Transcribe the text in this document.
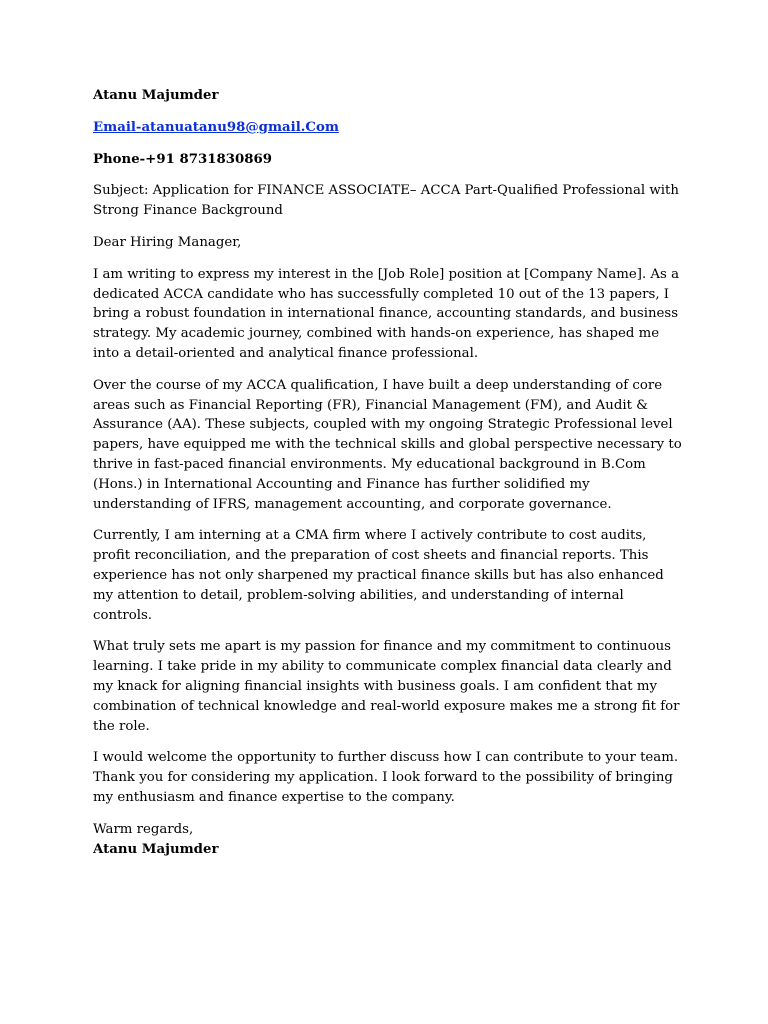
Atanu Majumder
Email-atanuatanu98@gmail.Com
Phone-+91 8731830869

Subject: Application for FINANCE ASSOCIATE– ACCA Part-Qualified Professional with Strong Finance Background

Dear Hiring Manager,

I am writing to express my interest in the [Job Role] position at [Company Name]. As a dedicated ACCA candidate who has successfully completed 10 out of the 13 papers, I bring a robust foundation in international finance, accounting standards, and business strategy. My academic journey, combined with hands-on experience, has shaped me into a detail-oriented and analytical finance professional.

Over the course of my ACCA qualification, I have built a deep understanding of core areas such as Financial Reporting (FR), Financial Management (FM), and Audit & Assurance (AA). These subjects, coupled with my ongoing Strategic Professional level papers, have equipped me with the technical skills and global perspective necessary to thrive in fast-paced financial environments. My educational background in B.Com (Hons.) in International Accounting and Finance has further solidified my understanding of IFRS, management accounting, and corporate governance.

Currently, I am interning at a CMA firm where I actively contribute to cost audits, profit reconciliation, and the preparation of cost sheets and financial reports. This experience has not only sharpened my practical finance skills but has also enhanced my attention to detail, problem-solving abilities, and understanding of internal controls.

What truly sets me apart is my passion for finance and my commitment to continuous learning. I take pride in my ability to communicate complex financial data clearly and my knack for aligning financial insights with business goals. I am confident that my combination of technical knowledge and real-world exposure makes me a strong fit for the role.

I would welcome the opportunity to further discuss how I can contribute to your team. Thank you for considering my application. I look forward to the possibility of bringing my enthusiasm and finance expertise to the company.

Warm regards,
Atanu Majumder
